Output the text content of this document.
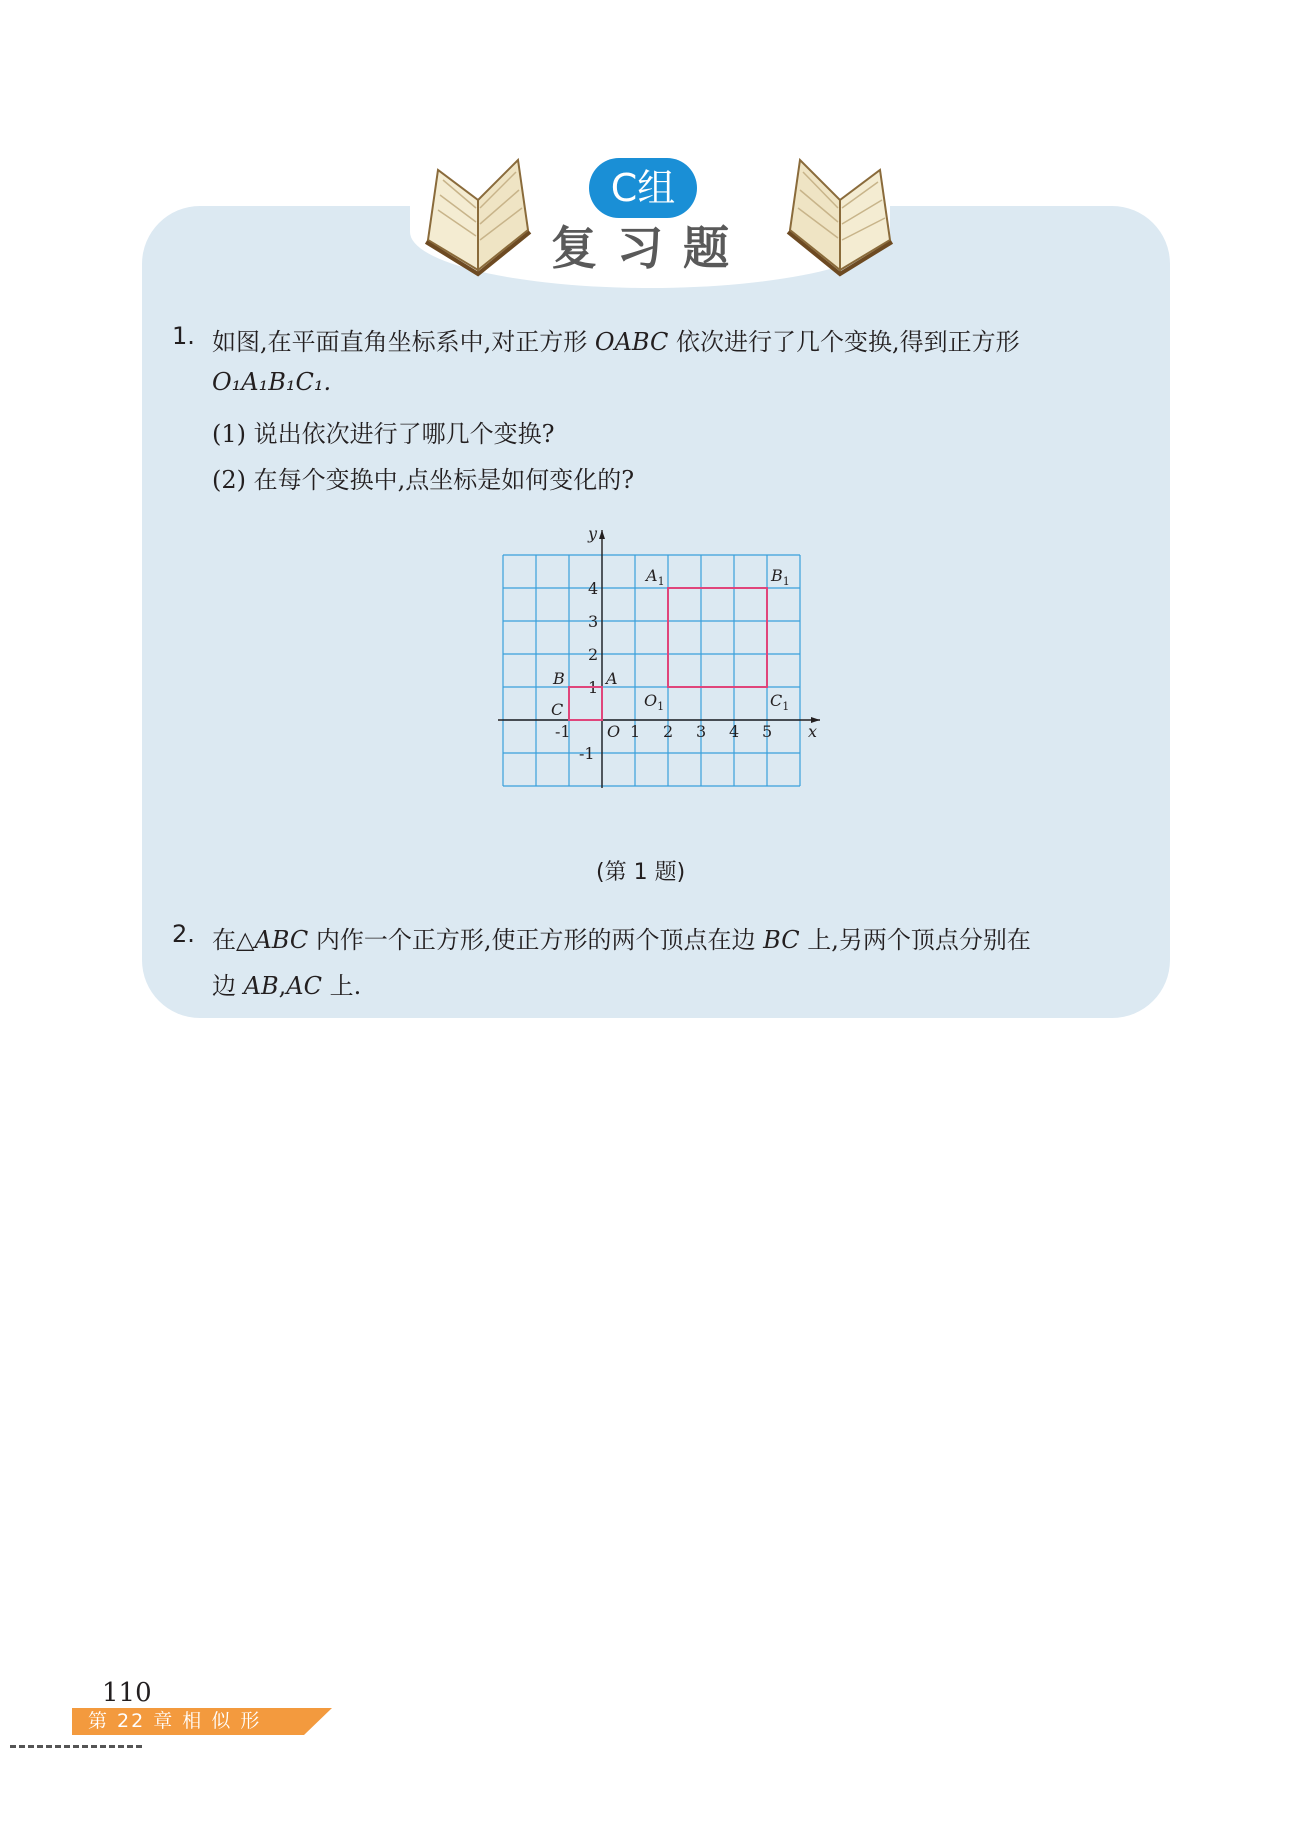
C组
复习题
1. 如图,在平面直角坐标系中,对正方形 OABC 依次进行了几个变换,得到正方形
O₁A₁B₁C₁.
(1) 说出依次进行了哪几个变换?
(2) 在每个变换中,点坐标是如何变化的?
x
y
-1 O 1 2 3 4 5
4
3
2
1
-1
A
B
C	$O_1$
$A_1$	$B_1$
$C_1$
(第 1 题)
2. 在△ABC 内作一个正方形,使正方形的两个顶点在边 BC 上,另两个顶点分别在
边 AB,AC 上.
110
第 22 章 相 似 形
